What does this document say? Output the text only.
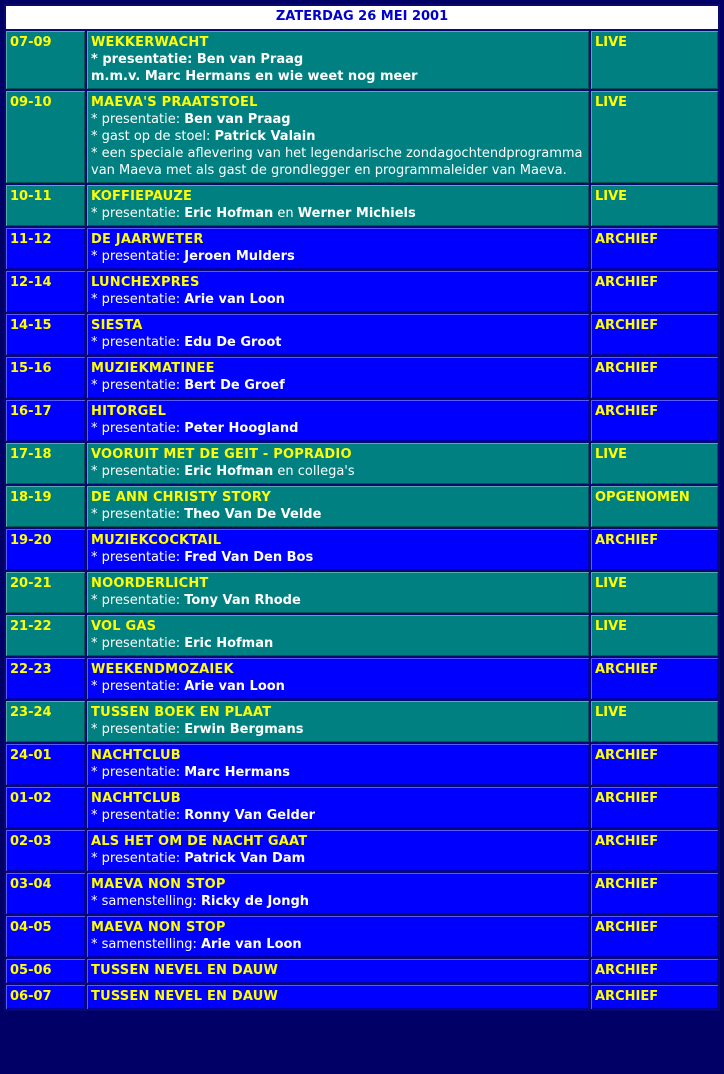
ZATERDAG 26 MEI 2001		
07-09	WEKKERWACHT
* presentatie: Ben van Praag
m.m.v. Marc Hermans en wie weet nog meer	LIVE
09-10	MAEVA'S PRAATSTOEL
* presentatie: Ben van Praag
* gast op de stoel: Patrick Valain
* een speciale aflevering van het legendarische zondagochtendprogramma van Maeva met als gast de grondlegger en programmaleider van Maeva.	LIVE
10-11	KOFFIEPAUZE
* presentatie: Eric Hofman en Werner Michiels	LIVE
11-12	DE JAARWETER
* presentatie: Jeroen Mulders	ARCHIEF
12-14	LUNCHEXPRES
* presentatie: Arie van Loon	ARCHIEF
14-15	SIESTA
* presentatie: Edu De Groot	ARCHIEF
15-16	MUZIEKMATINEE
* presentatie: Bert De Groef	ARCHIEF
16-17	HITORGEL
* presentatie: Peter Hoogland	ARCHIEF
17-18	VOORUIT MET DE GEIT - POPRADIO
* presentatie: Eric Hofman en collega's	LIVE
18-19	DE ANN CHRISTY STORY
* presentatie: Theo Van De Velde	OPGENOMEN
19-20	MUZIEKCOCKTAIL
* presentatie: Fred Van Den Bos	ARCHIEF
20-21	NOORDERLICHT
* presentatie: Tony Van Rhode	LIVE
21-22	VOL GAS
* presentatie: Eric Hofman	LIVE
22-23	WEEKENDMOZAIEK
* presentatie: Arie van Loon	ARCHIEF
23-24	TUSSEN BOEK EN PLAAT
* presentatie: Erwin Bergmans	LIVE
24-01	NACHTCLUB
* presentatie: Marc Hermans	ARCHIEF
01-02	NACHTCLUB
* presentatie: Ronny Van Gelder	ARCHIEF
02-03	ALS HET OM DE NACHT GAAT
* presentatie: Patrick Van Dam	ARCHIEF
03-04	MAEVA NON STOP
* samenstelling: Ricky de Jongh	ARCHIEF
04-05	MAEVA NON STOP
* samenstelling: Arie van Loon	ARCHIEF
05-06	TUSSEN NEVEL EN DAUW	ARCHIEF
06-07	TUSSEN NEVEL EN DAUW	ARCHIEF
